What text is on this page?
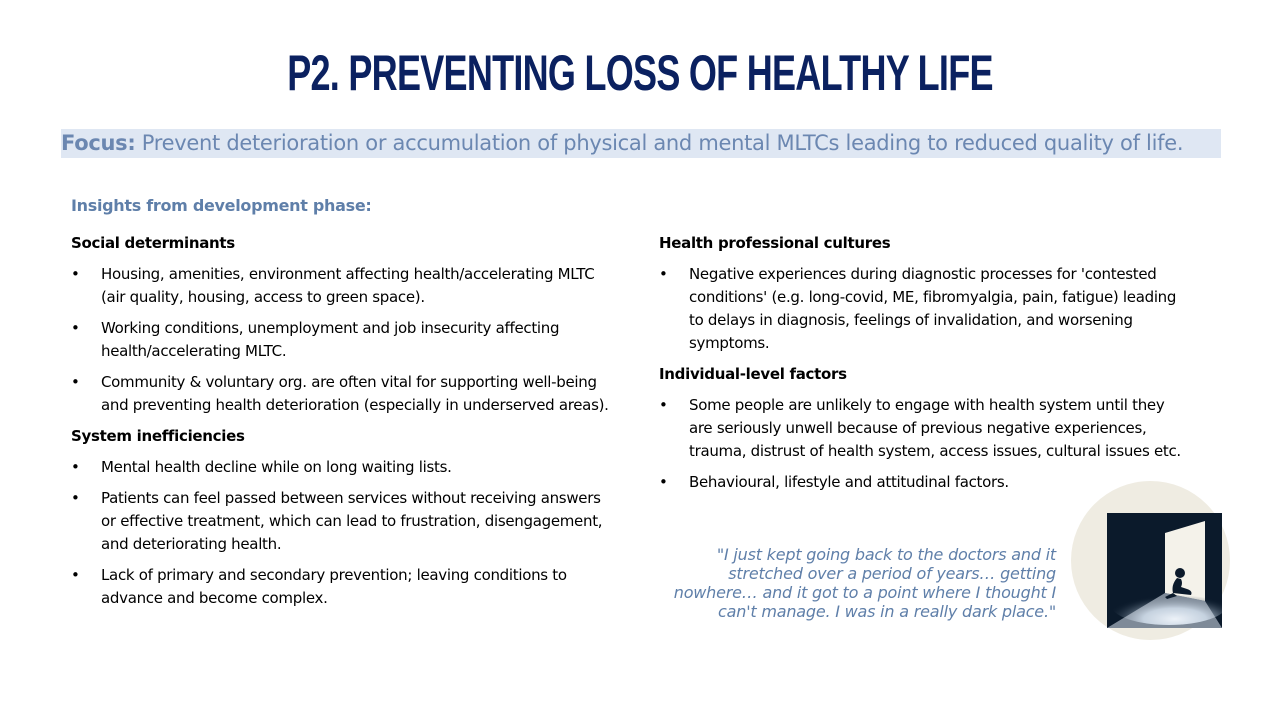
P2. PREVENTING LOSS OF HEALTHY LIFE
Focus: Prevent deterioration or accumulation of physical and mental MLTCs leading to reduced quality of life.
Insights from development phase:
Social determinants
• Housing, amenities, environment affecting health/accelerating MLTC (air quality, housing, access to green space).
• Working conditions, unemployment and job insecurity affecting health/accelerating MLTC.
• Community & voluntary org. are often vital for supporting well-being and preventing health deterioration (especially in underserved areas).
System inefficiencies
• Mental health decline while on long waiting lists.
• Patients can feel passed between services without receiving answers or effective treatment, which can lead to frustration, disengagement, and deteriorating health.
• Lack of primary and secondary prevention; leaving conditions to advance and become complex.
Health professional cultures
• Negative experiences during diagnostic processes for 'contested conditions' (e.g. long-covid, ME, fibromyalgia, pain, fatigue) leading to delays in diagnosis, feelings of invalidation, and worsening symptoms.
Individual-level factors
• Some people are unlikely to engage with health system until they are seriously unwell because of previous negative experiences, trauma, distrust of health system, access issues, cultural issues etc.
• Behavioural, lifestyle and attitudinal factors.
"I just kept going back to the doctors and it stretched over a period of years… getting nowhere… and it got to a point where I thought I can't manage. I was in a really dark place."
